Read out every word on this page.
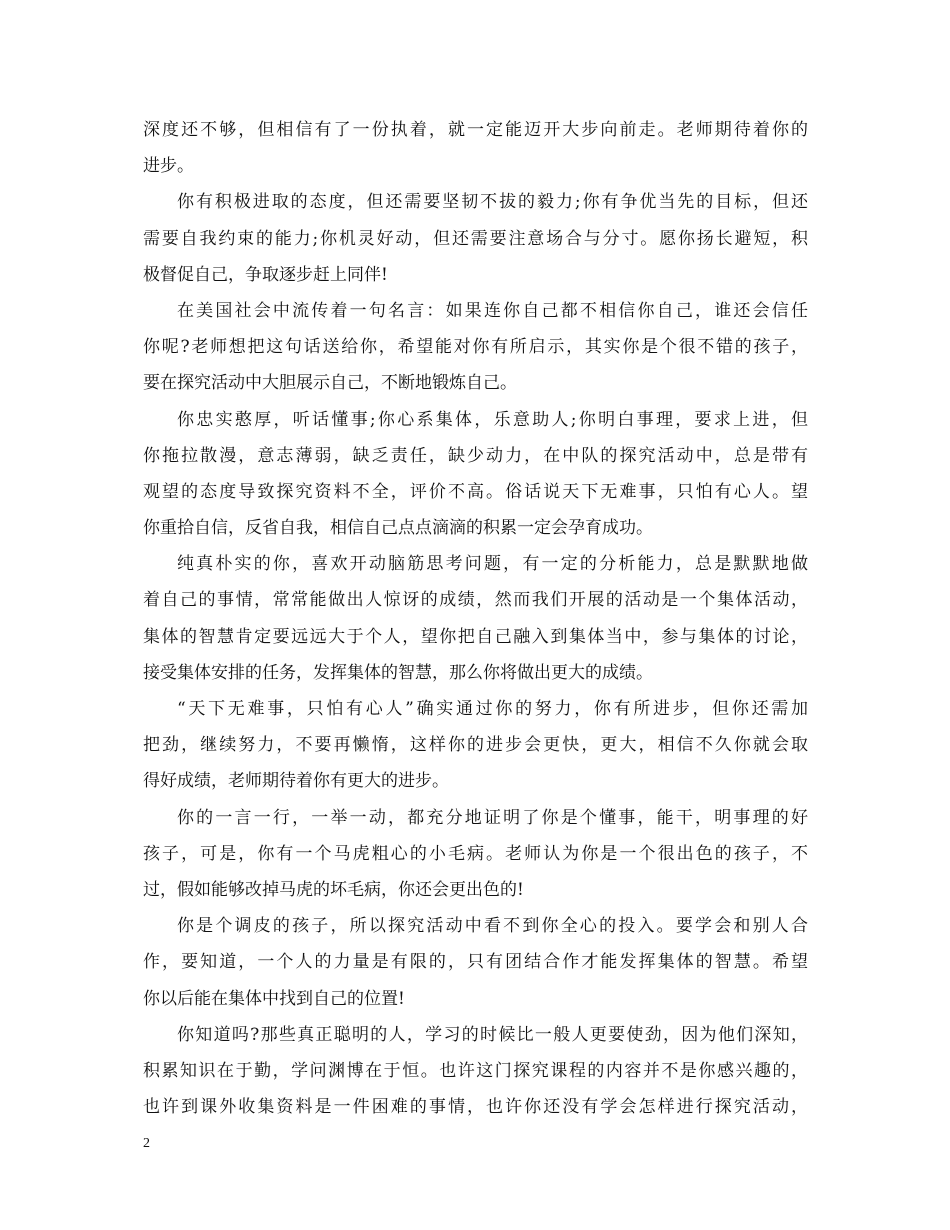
深度还不够，但相信有了一份执着，就一定能迈开大步向前走。老师期待着你的
进步。
你有积极进取的态度，但还需要坚韧不拔的毅力;你有争优当先的目标，但还
需要自我约束的能力;你机灵好动，但还需要注意场合与分寸。愿你扬长避短，积
极督促自己，争取逐步赶上同伴!
在美国社会中流传着一句名言：如果连你自己都不相信你自己，谁还会信任
你呢?老师想把这句话送给你，希望能对你有所启示，其实你是个很不错的孩子，
要在探究活动中大胆展示自己，不断地锻炼自己。
你忠实憨厚，听话懂事;你心系集体，乐意助人;你明白事理，要求上进，但
你拖拉散漫，意志薄弱，缺乏责任，缺少动力，在中队的探究活动中，总是带有
观望的态度导致探究资料不全，评价不高。俗话说天下无难事，只怕有心人。望
你重拾自信，反省自我，相信自己点点滴滴的积累一定会孕育成功。
纯真朴实的你，喜欢开动脑筋思考问题，有一定的分析能力，总是默默地做
着自己的事情，常常能做出人惊讶的成绩，然而我们开展的活动是一个集体活动，
集体的智慧肯定要远远大于个人，望你把自己融入到集体当中，参与集体的讨论，
接受集体安排的任务，发挥集体的智慧，那么你将做出更大的成绩。
“天下无难事，只怕有心人”确实通过你的努力，你有所进步，但你还需加
把劲，继续努力，不要再懒惰，这样你的进步会更快，更大，相信不久你就会取
得好成绩，老师期待着你有更大的进步。
你的一言一行，一举一动，都充分地证明了你是个懂事，能干，明事理的好
孩子，可是，你有一个马虎粗心的小毛病。老师认为你是一个很出色的孩子，不
过，假如能够改掉马虎的坏毛病，你还会更出色的!
你是个调皮的孩子，所以探究活动中看不到你全心的投入。要学会和别人合
作，要知道，一个人的力量是有限的，只有团结合作才能发挥集体的智慧。希望
你以后能在集体中找到自己的位置!
你知道吗?那些真正聪明的人，学习的时候比一般人更要使劲，因为他们深知，
积累知识在于勤，学问渊博在于恒。也许这门探究课程的内容并不是你感兴趣的，
也许到课外收集资料是一件困难的事情，也许你还没有学会怎样进行探究活动，
2
